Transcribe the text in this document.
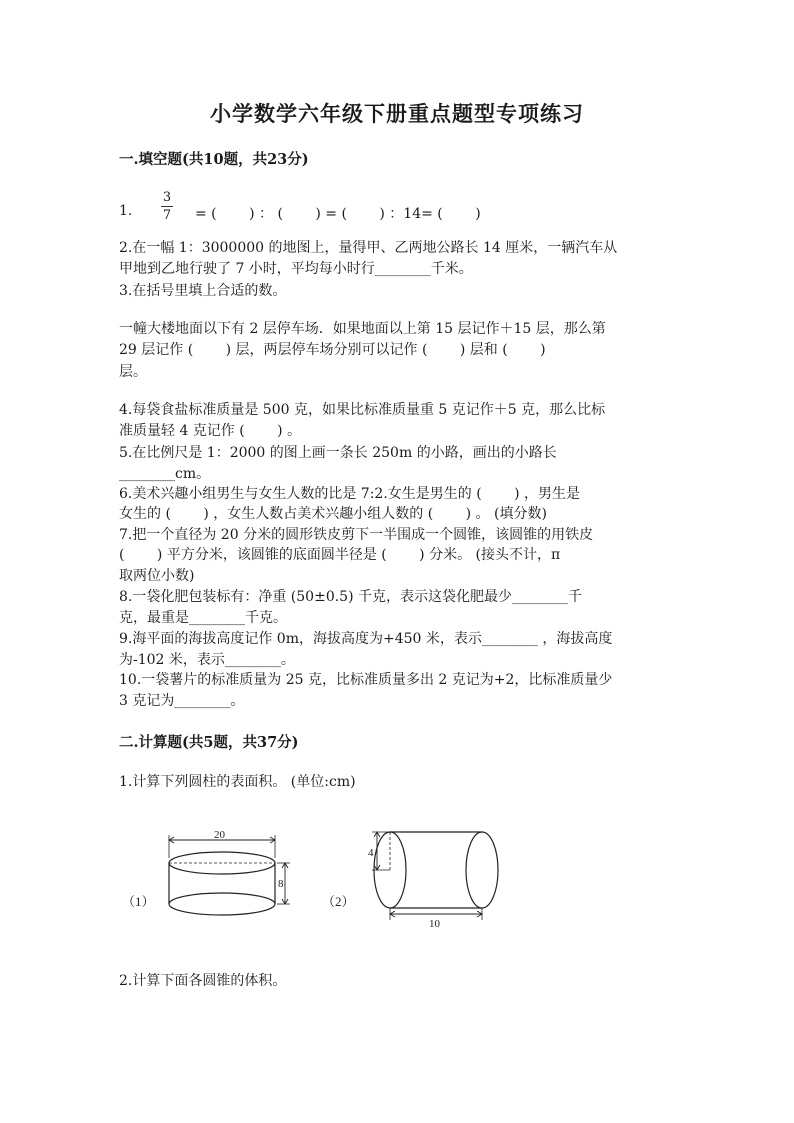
小学数学六年级下册重点题型专项练习
一.填空题(共10题，共23分)
1.
3
7 = (　　 ) ： (　　 ) = (　　 ) ：14= (　　 )
2.在一幅 1：3000000 的地图上，量得甲、乙两地公路长 14 厘米，一辆汽车从
甲地到乙地行驶了 7 小时，平均每小时行________千米。
3.在括号里填上合适的数。
一幢大楼地面以下有 2 层停车场．如果地面以上第 15 层记作＋15 层，那么第
29 层记作 (　　 ) 层，两层停车场分别可以记作 (　　 ) 层和 (　　 )
层。
4.每袋食盐标准质量是 500 克，如果比标准质量重 5 克记作＋5 克，那么比标
准质量轻 4 克记作 (　　 ) 。
5.在比例尺是 1：2000 的图上画一条长 250m 的小路，画出的小路长
________cm。
6.美术兴趣小组男生与女生人数的比是 7:2.女生是男生的 (　　 ) ，男生是
女生的 (　　 ) ，女生人数占美术兴趣小组人数的 (　　 ) 。 (填分数)
7.把一个直径为 20 分米的圆形铁皮剪下一半围成一个圆锥，该圆锥的用铁皮
(　　 ) 平方分米，该圆锥的底面圆半径是 (　　 ) 分米。 (接头不计，π
取两位小数)
8.一袋化肥包装标有：净重 (50±0.5) 千克，表示这袋化肥最少________千
克，最重是________千克。
9.海平面的海拔高度记作 0m，海拔高度为+450 米，表示________ ，海拔高度
为-102 米，表示________。
10.一袋薯片的标准质量为 25 克，比标准质量多出 2 克记为+2，比标准质量少
3 克记为________。
二.计算题(共5题，共37分)
1.计算下列圆柱的表面积。 (单位:cm)
（1）
20
8
（2）
4
10
2.计算下面各圆锥的体积。
